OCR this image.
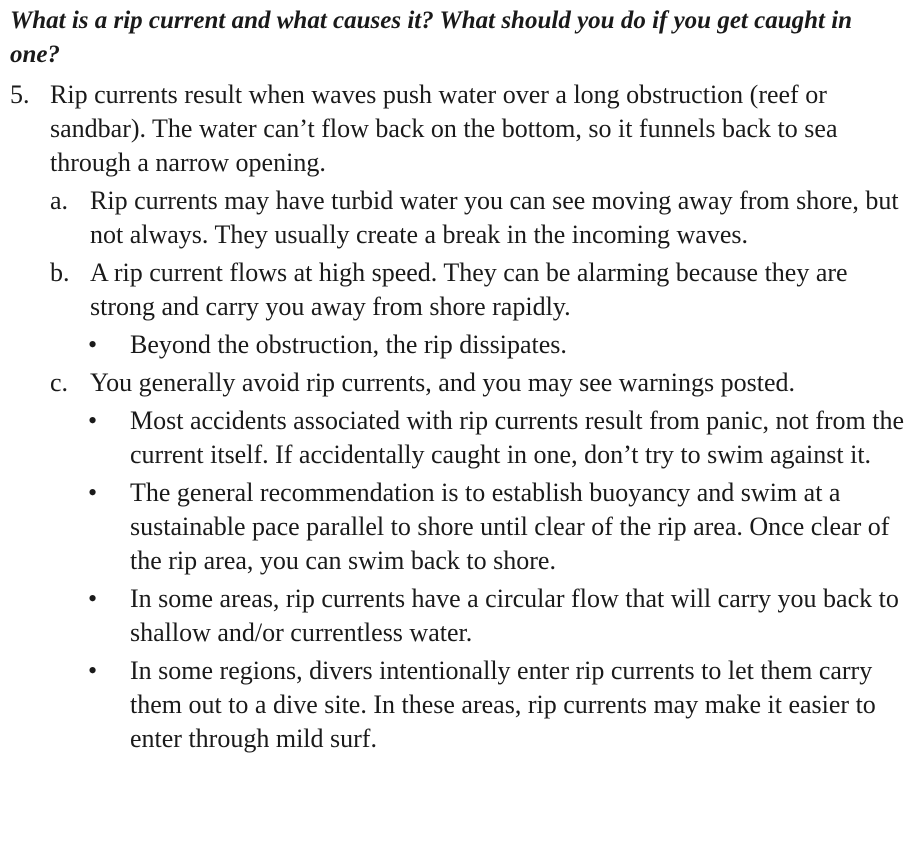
What is a rip current and what causes it? What should you do if you get caught in one?

5. Rip currents result when waves push water over a long obstruction (reef or sandbar). The water can’t flow back on the bottom, so it funnels back to sea through a narrow opening.
a. Rip currents may have turbid water you can see moving away from shore, but not always. They usually create a break in the incoming waves.
b. A rip current flows at high speed. They can be alarming because they are strong and carry you away from shore rapidly.
•	Beyond the obstruction, the rip dissipates.
c. You generally avoid rip currents, and you may see warnings posted.
•	Most accidents associated with rip currents result from panic, not from the current itself. If accidentally caught in one, don’t try to swim against it.
•	The general recommendation is to establish buoyancy and swim at a sustainable pace parallel to shore until clear of the rip area. Once clear of the rip area, you can swim back to shore.
•	In some areas, rip currents have a circular flow that will carry you back to shallow and/or currentless water.
•	In some regions, divers intentionally enter rip currents to let them carry them out to a dive site. In these areas, rip currents may make it easier to enter through mild surf.
